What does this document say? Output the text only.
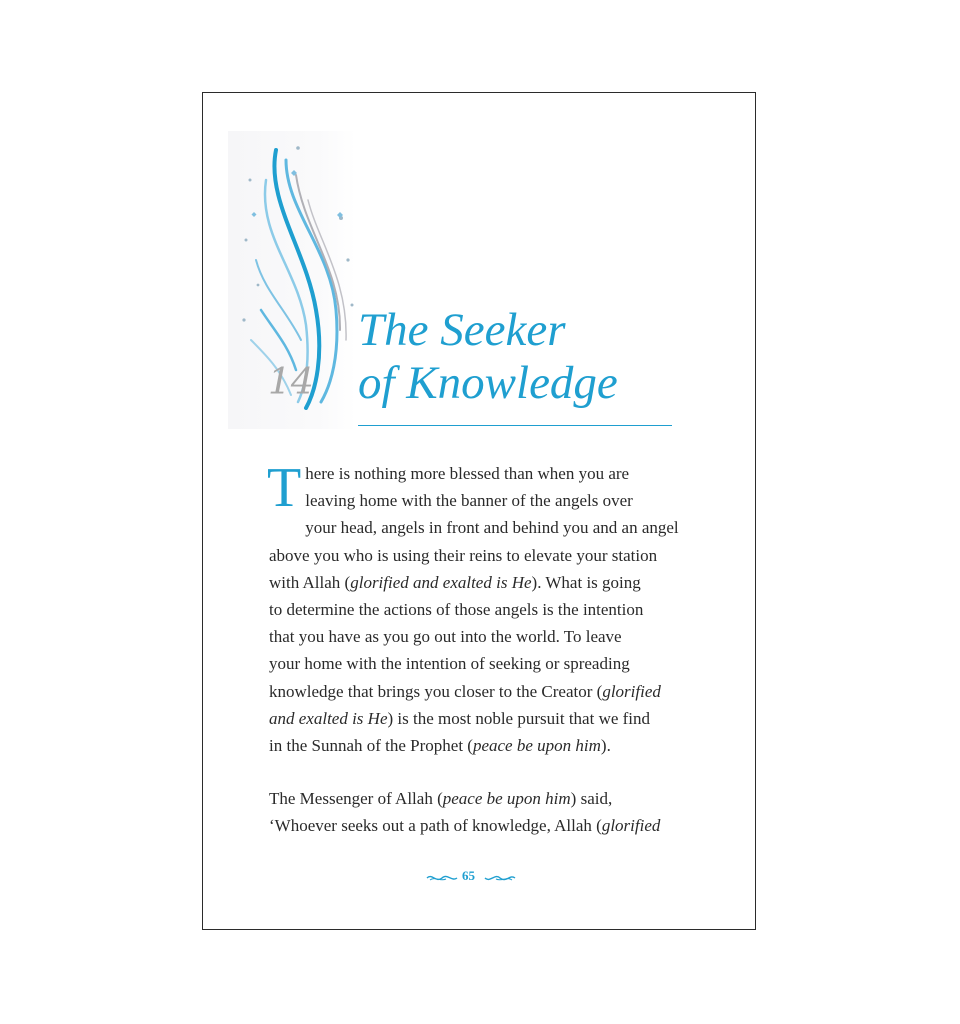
14
The Seeker
of Knowledge
T here is nothing more blessed than when you are
leaving home with the banner of the angels over
your head, angels in front and behind you and an angel
above you who is using their reins to elevate your station
with Allah (glorified and exalted is He). What is going
to determine the actions of those angels is the intention
that you have as you go out into the world. To leave
your home with the intention of seeking or spreading
knowledge that brings you closer to the Creator (glorified
and exalted is He) is the most noble pursuit that we find
in the Sunnah of the Prophet (peace be upon him).
The Messenger of Allah (peace be upon him) said,
‘Whoever seeks out a path of knowledge, Allah (glorified
65
